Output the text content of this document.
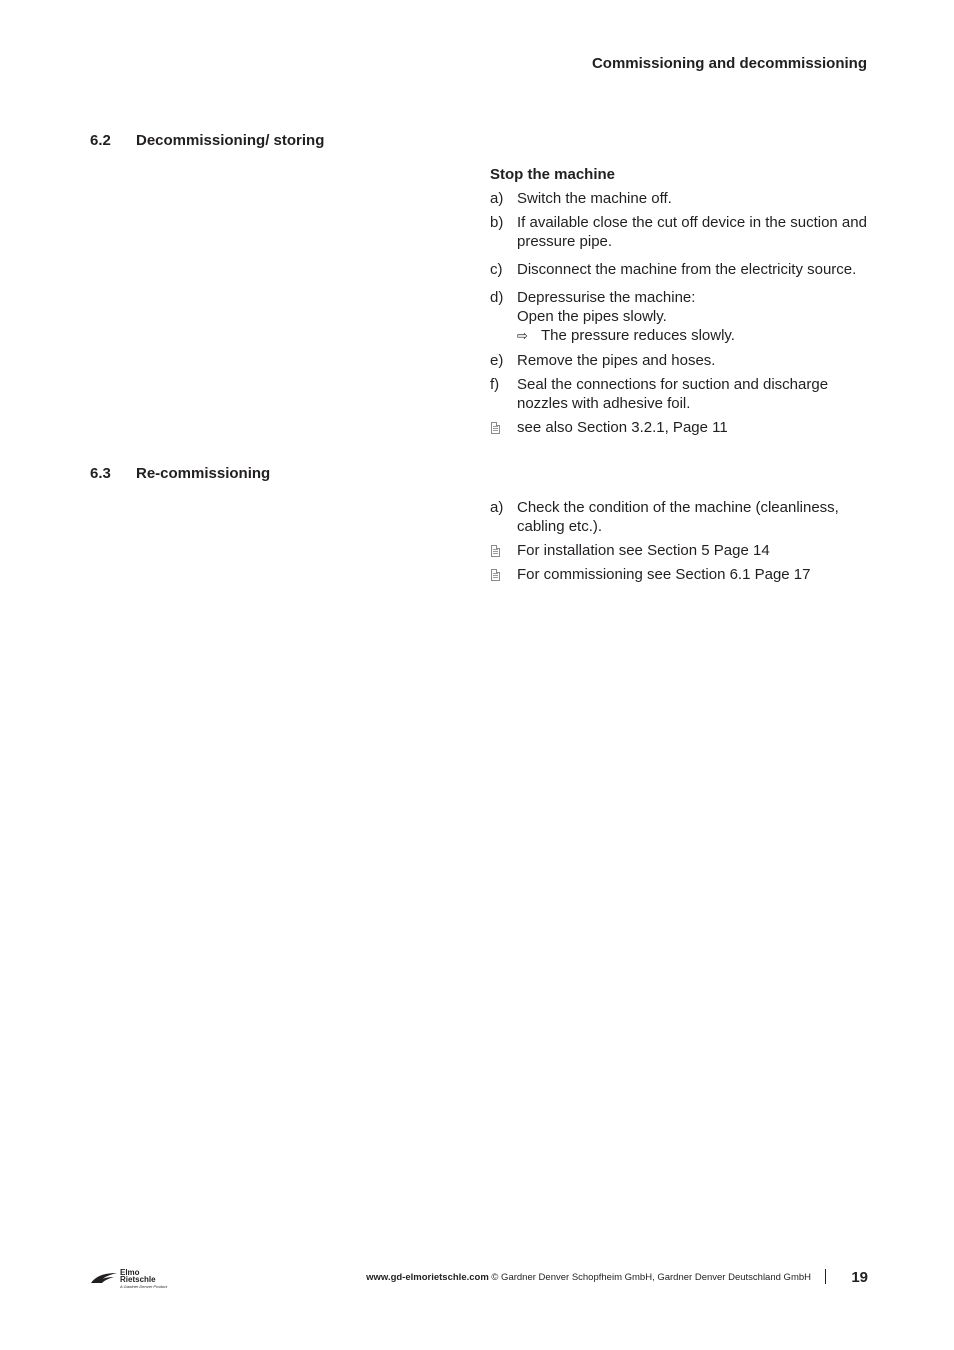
Commissioning and decommissioning
6.2 Decommissioning/ storing
Stop the machine
a) Switch the machine off.
b) If available close the cut off device in the suction and pressure pipe.
c) Disconnect the machine from the electricity source.
d) Depressurise the machine:
Open the pipes slowly.
⇨ The pressure reduces slowly.
e) Remove the pipes and hoses.
f) Seal the connections for suction and discharge nozzles with adhesive foil.
see also Section 3.2.1, Page 11
6.3 Re-commissioning
a) Check the condition of the machine (cleanliness, cabling etc.).
For installation see Section 5 Page 14
For commissioning see Section 6.1 Page 17
Elmo
Rietschle
A Gardner Denver Product
www.gd-elmorietschle.com © Gardner Denver Schopfheim GmbH, Gardner Denver Deutschland GmbH	19
